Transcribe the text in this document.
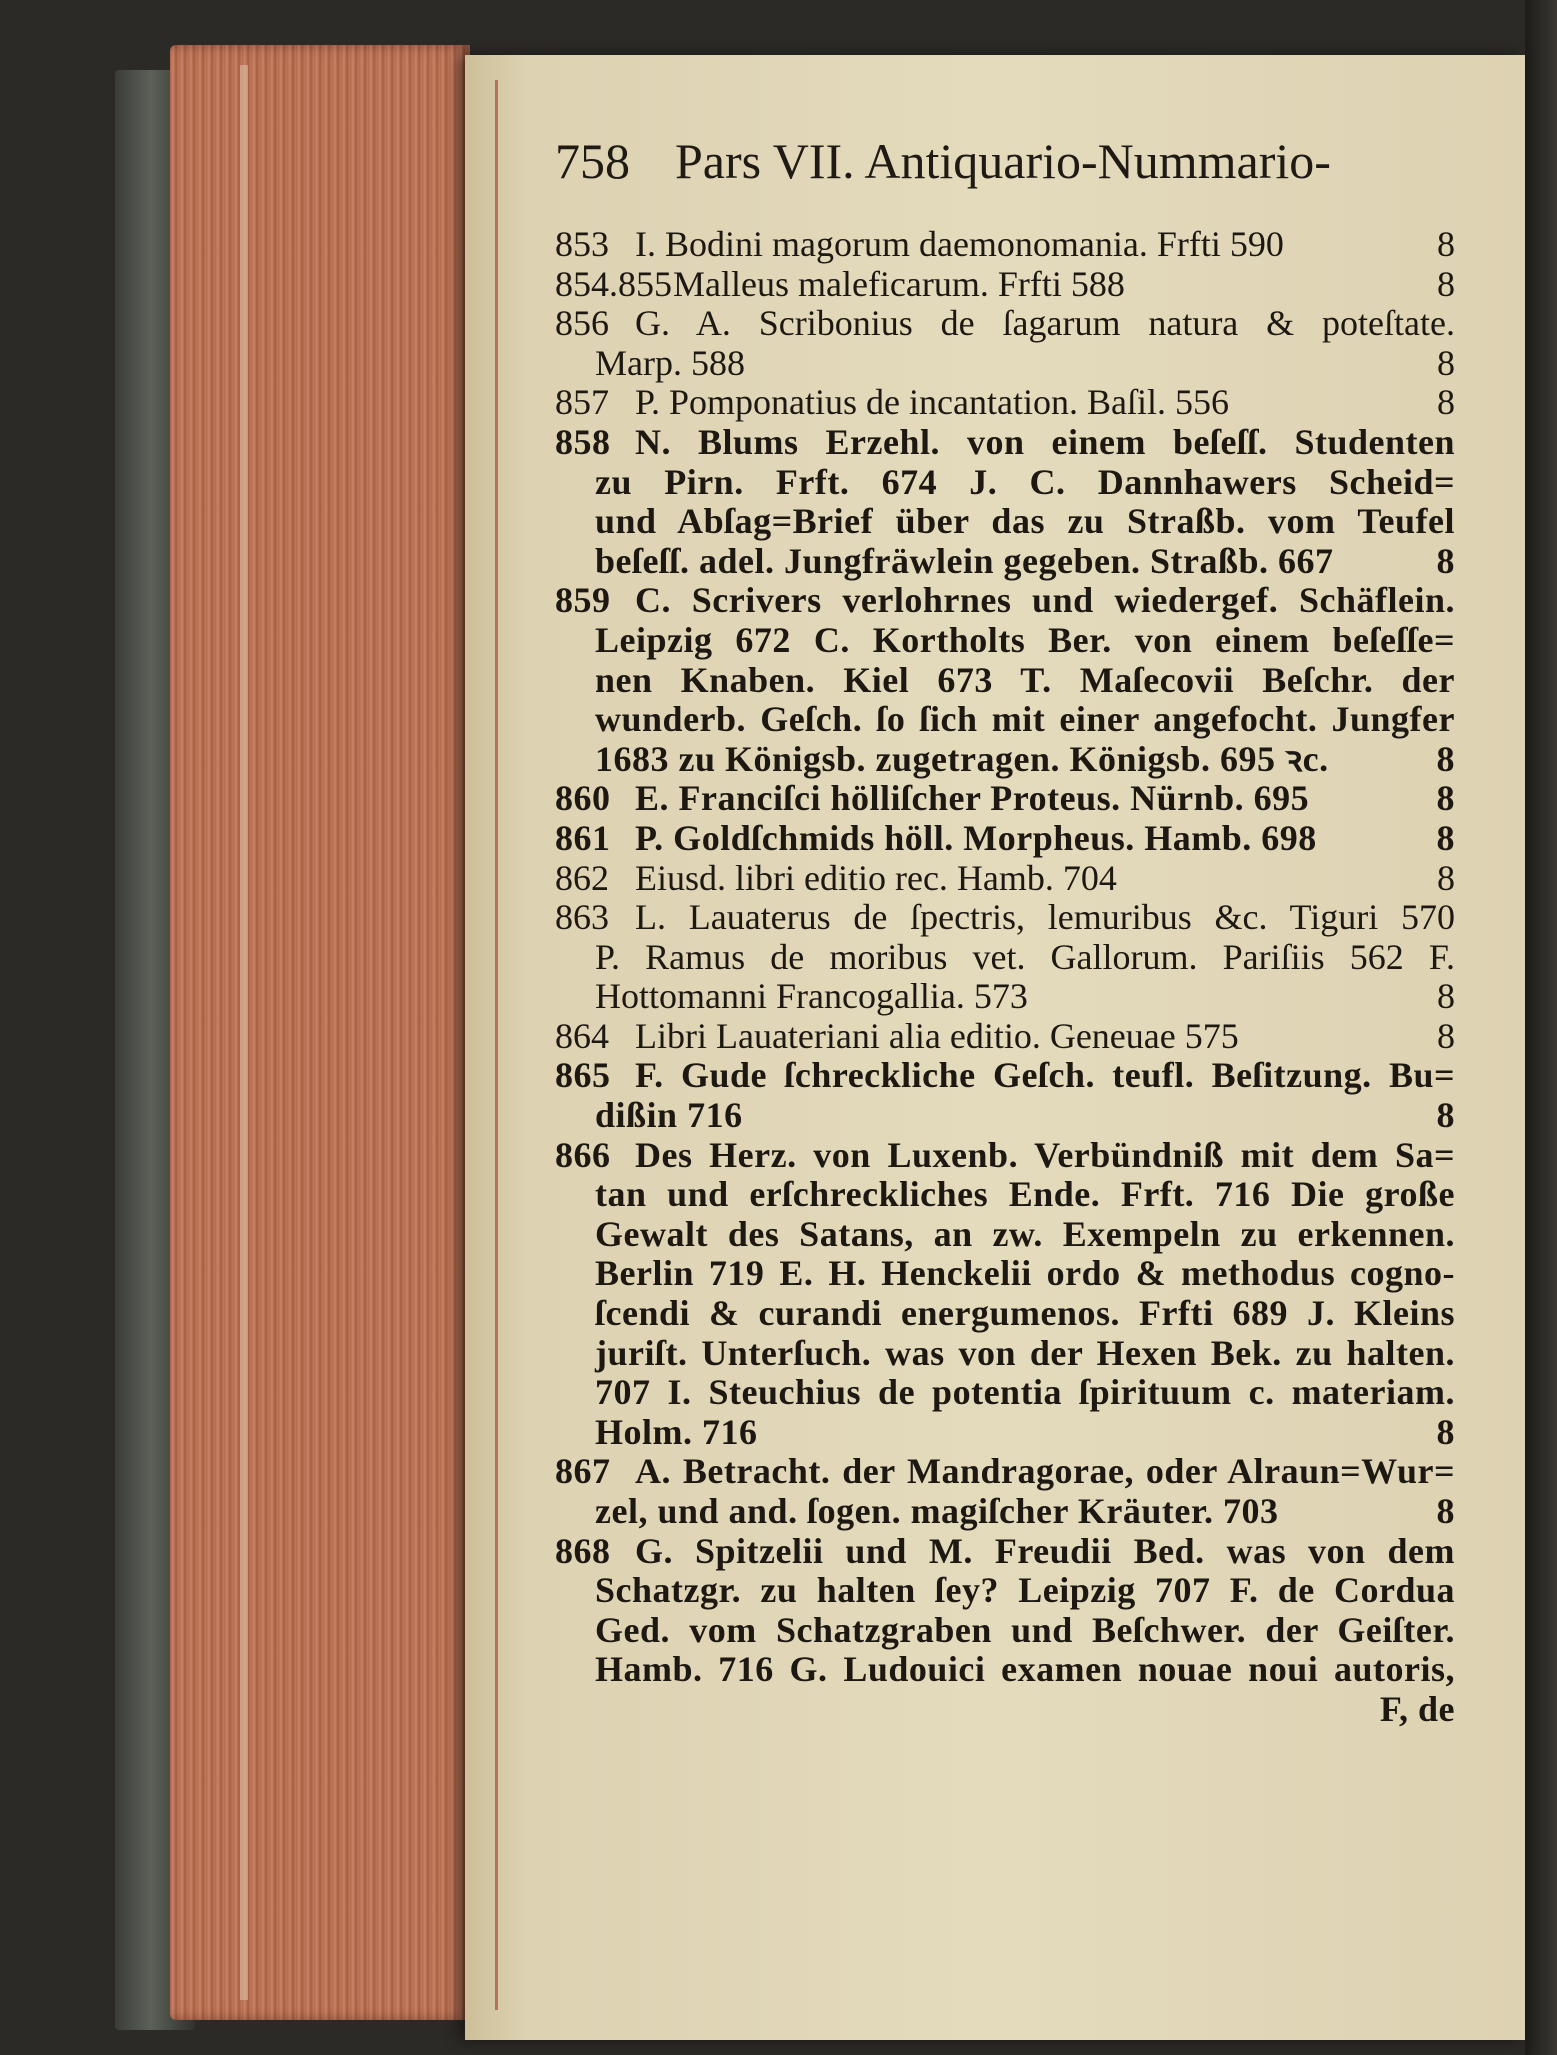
758 Pars VII. Antiquario-Nummario-
853 I. Bodini magorum daemonomania. Frfti 590	8
854.855 Malleus maleficarum. Frfti 588	8
856 G. A. Scribonius de ſagarum natura & poteſtate.
Marp. 588	8
857 P. Pomponatius de incantation. Baſil. 556	8
858 N. Blums Erzehl. von einem beſeſſ. Studenten
zu Pirn. Frft. 674 J. C. Dannhawers Scheid=
und Abſag=Brief über das zu Straßb. vom Teufel
beſeſſ. adel. Jungfräwlein gegeben. Straßb. 667	8
859 C. Scrivers verlohrnes und wiedergef. Schäflein.
Leipzig 672 C. Kortholts Ber. von einem beſeſſe=
nen Knaben. Kiel 673 T. Maſecovii Beſchr. der
wunderb. Geſch. ſo ſich mit einer angefocht. Jungfer
1683 zu Königsb. zugetragen. Königsb. 695 ꝛc.	8
860 E. Franciſci hölliſcher Proteus. Nürnb. 695	8
861 P. Goldſchmids höll. Morpheus. Hamb. 698	8
862 Eiusd. libri editio rec. Hamb. 704	8
863 L. Lauaterus de ſpectris, lemuribus &c. Tiguri 570
P. Ramus de moribus vet. Gallorum. Pariſiis 562 F.
Hottomanni Francogallia. 573	8
864 Libri Lauateriani alia editio. Geneuae 575	8
865 F. Gude ſchreckliche Geſch. teufl. Beſitzung. Bu=
dißin 716	8
866 Des Herz. von Luxenb. Verbündniß mit dem Sa=
tan und erſchreckliches Ende. Frft. 716 Die große
Gewalt des Satans, an zw. Exempeln zu erkennen.
Berlin 719 E. H. Henckelii ordo & methodus cogno-
ſcendi & curandi energumenos. Frfti 689 J. Kleins
juriſt. Unterſuch. was von der Hexen Bek. zu halten.
707 I. Steuchius de potentia ſpirituum c. materiam.
Holm. 716	8
867 A. Betracht. der Mandragorae, oder Alraun=Wur=
zel, und and. ſogen. magiſcher Kräuter. 703	8
868 G. Spitzelii und M. Freudii Bed. was von dem
Schatzgr. zu halten ſey? Leipzig 707 F. de Cordua
Ged. vom Schatzgraben und Beſchwer. der Geiſter.
Hamb. 716 G. Ludouici examen nouae noui autoris,
F, de
